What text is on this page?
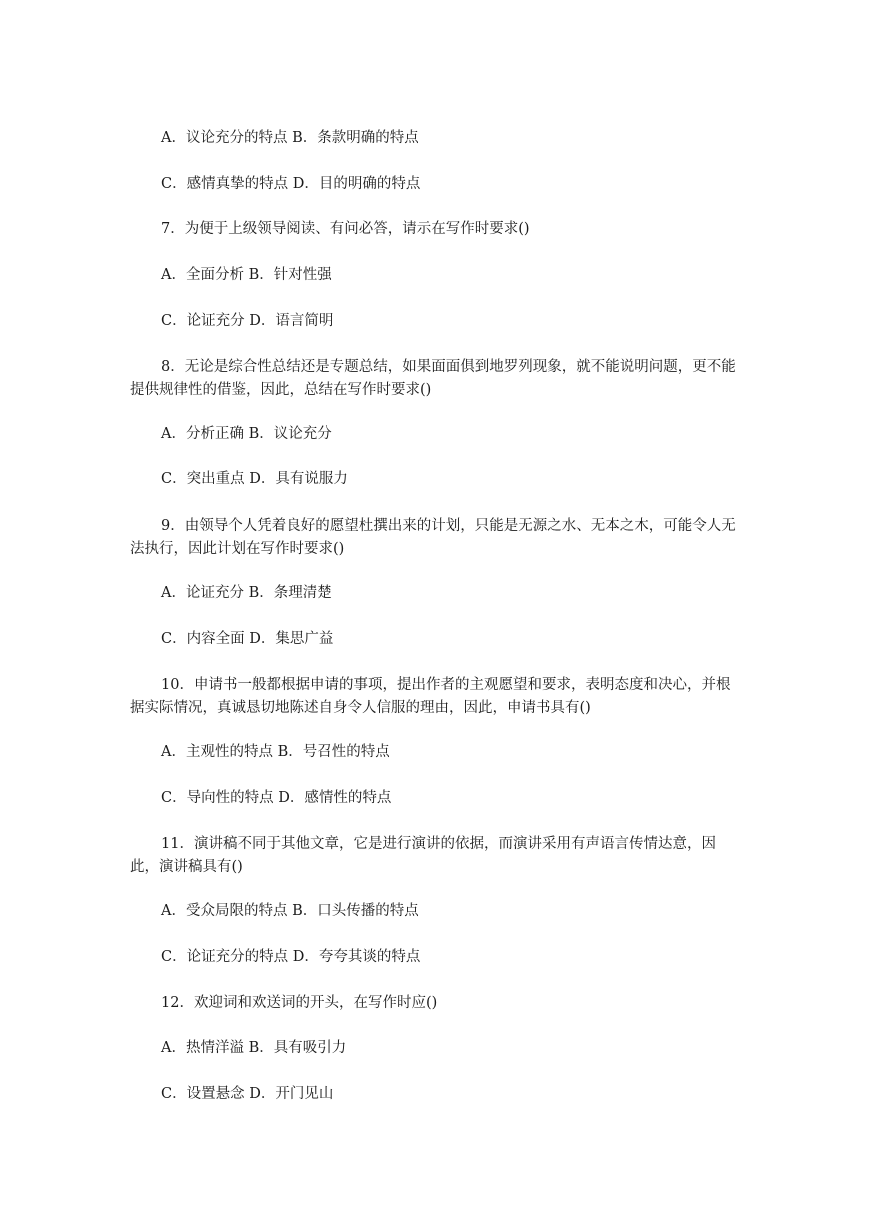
A．议论充分的特点 B．条款明确的特点
C．感情真挚的特点 D．目的明确的特点
7．为便于上级领导阅读、有问必答，请示在写作时要求()
A．全面分析 B．针对性强
C．论证充分 D．语言简明
8．无论是综合性总结还是专题总结，如果面面俱到地罗列现象，就不能说明问题，更不能提供规律性的借鉴，因此，总结在写作时要求()
A．分析正确 B．议论充分
C．突出重点 D．具有说服力
9．由领导个人凭着良好的愿望杜撰出来的计划，只能是无源之水、无本之木，可能令人无法执行，因此计划在写作时要求()
A．论证充分 B．条理清楚
C．内容全面 D．集思广益
10．申请书一般都根据申请的事项，提出作者的主观愿望和要求，表明态度和决心，并根据实际情况，真诚恳切地陈述自身令人信服的理由，因此，申请书具有()
A．主观性的特点 B．号召性的特点
C．导向性的特点 D．感情性的特点
11．演讲稿不同于其他文章，它是进行演讲的依据，而演讲采用有声语言传情达意，因此，演讲稿具有()
A．受众局限的特点 B．口头传播的特点
C．论证充分的特点 D．夸夸其谈的特点
12．欢迎词和欢送词的开头，在写作时应()
A．热情洋溢 B．具有吸引力
C．设置悬念 D．开门见山
